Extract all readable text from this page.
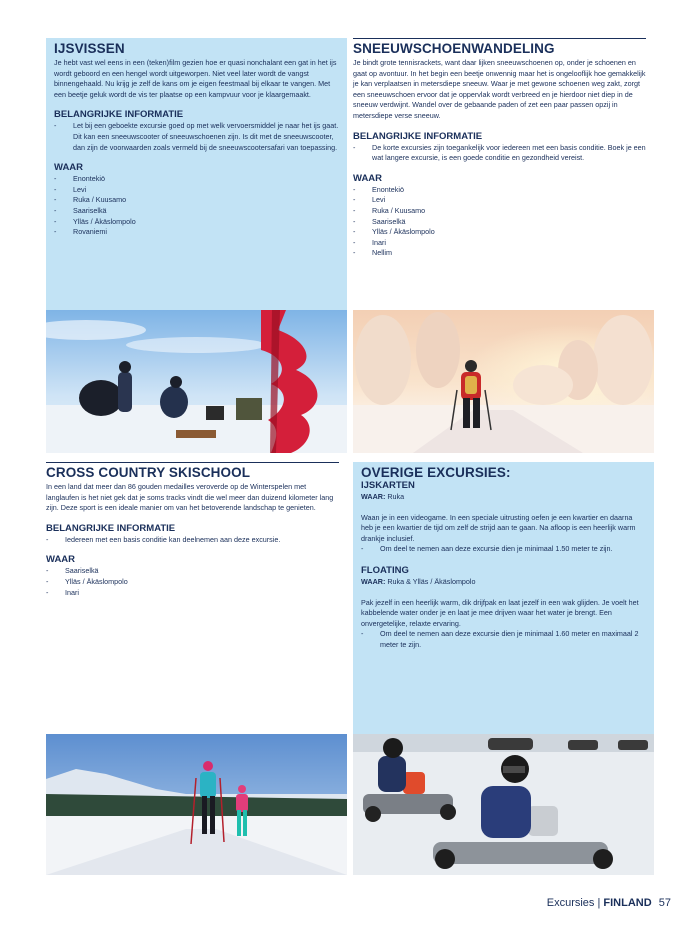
IJSVISSEN

Je hebt vast wel eens in een (teken)film gezien hoe er quasi nonchalant een gat in het ijs wordt geboord en een hengel wordt uitgeworpen. Niet veel later wordt de vangst binnengehaald. Nu krijg je zelf de kans om je eigen feestmaal bij elkaar te vangen. Met een beetje geluk wordt de vis ter plaatse op een kampvuur voor je klaargemaakt.

BELANGRIJKE INFORMATIE
- Let bij een geboekte excursie goed op met welk vervoersmiddel je naar het ijs gaat. Dit kan een sneeuwscooter of sneeuwschoenen zijn. Is dit met de sneeuwscooter, dan zijn de voorwaarden zoals vermeld bij de sneeuwscootersafari van toepassing.
WAAR
- Enontekiö
- Levi
- Ruka / Kuusamo
- Saariselkä
- Ylläs / Äkäslompolo
- Rovaniemi
SNEEUWSCHOENWANDELING

Je bindt grote tennisrackets, want daar lijken sneeuwschoenen op, onder je schoenen en gaat op avontuur. In het begin een beetje onwennig maar het is ongelooflijk hoe gemakkelijk je kan verplaatsen in metersdiepe sneeuw. Waar je met gewone schoenen weg zakt, zorgt een sneeuwschoen ervoor dat je oppervlak wordt verbreed en je hierdoor niet diep in de sneeuw verdwijnt. Wandel over de gebaande paden of zet een paar passen opzij in metersdiepe verse sneeuw.

BELANGRIJKE INFORMATIE
- De korte excursies zijn toegankelijk voor iedereen met een basis conditie. Boek je een wat langere excursie, is een goede conditie en gezondheid vereist.
WAAR
- Enontekiö
- Levi
- Ruka / Kuusamo
- Saariselkä
- Ylläs / Äkäslompolo
- Inari
- Nellim
CROSS COUNTRY SKISCHOOL

In een land dat meer dan 86 gouden medailles veroverde op de Winterspelen met langlaufen is het niet gek dat je soms tracks vindt die wel meer dan duizend kilometer lang zijn. Deze sport is een ideale manier om van het betoverende landschap te genieten.

BELANGRIJKE INFORMATIE
- Iedereen met een basis conditie kan deelnemen aan deze excursie.
WAAR
- Saariselkä
- Ylläs / Äkäslompolo
- Inari
OVERIGE EXCURSIES:
IJSKARTEN
WAAR: Ruka

Waan je in een videogame. In een speciale uitrusting oefen je een kwartier en daarna heb je een kwartier de tijd om zelf de strijd aan te gaan. Na afloop is een heerlijk warm drankje inclusief.

- Om deel te nemen aan deze excursie dien je minimaal 1.50 meter te zijn.
FLOATING
WAAR: Ruka & Ylläs / Äkäslompolo

Pak jezelf in een heerlijk warm, dik drijfpak en laat jezelf in een wak glijden. Je voelt het kabbelende water onder je en laat je mee drijven waar het water je brengt. Een onvergetelijke, relaxte ervaring.

- Om deel te nemen aan deze excursie dien je minimaal 1.60 meter en maximaal 2 meter te zijn.
Excursies | FINLAND 57
